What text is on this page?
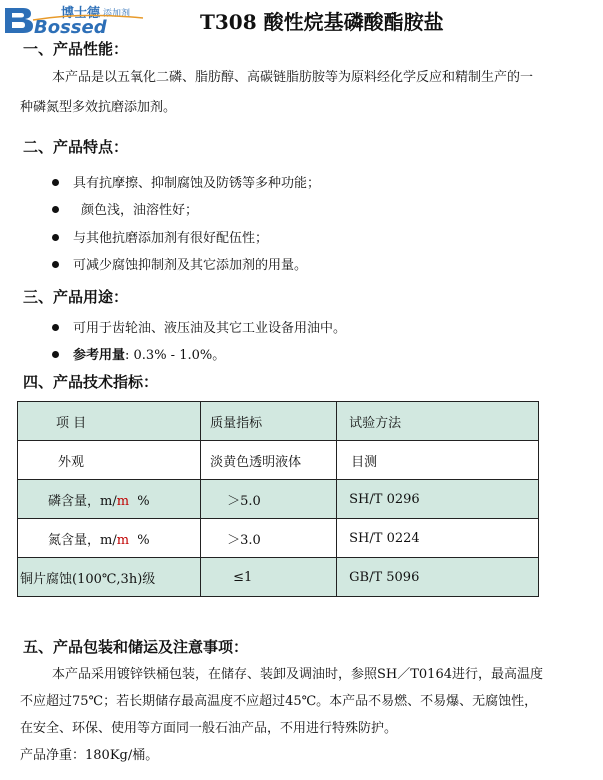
Bossed
博士德 添加剂	T308 酸性烷基磷酸酯胺盐
一、产品性能：
本产品是以五氧化二磷、脂肪醇、高碳链脂肪胺等为原料经化学反应和精制生产的一
种磷氮型多效抗磨添加剂。
二、产品特点：
具有抗摩擦、抑制腐蚀及防锈等多种功能；
颜色浅，油溶性好；
与其他抗磨添加剂有很好配伍性；
可减少腐蚀抑制剂及其它添加剂的用量。
三、产品用途：
可用于齿轮油、液压油及其它工业设备用油中。
参考用量: 0.3% - 1.0%。
四、产品技术指标：
项 目	质量指标	试验方法
外观	淡黄色透明液体	目测
磷含量，m/m  %	＞5.0	SH/T 0296
氮含量，m/m  %	＞3.0	SH/T 0224
铜片腐蚀(100℃,3h)级	≤1	GB/T 5096
五、产品包装和储运及注意事项：
本产品采用镀锌铁桶包装，在储存、装卸及调油时，参照SH／T0164进行，最高温度
不应超过75℃；若长期储存最高温度不应超过45℃。本产品不易燃、不易爆、无腐蚀性，
在安全、环保、使用等方面同一般石油产品，不用进行特殊防护。
产品净重：180Kg/桶。
